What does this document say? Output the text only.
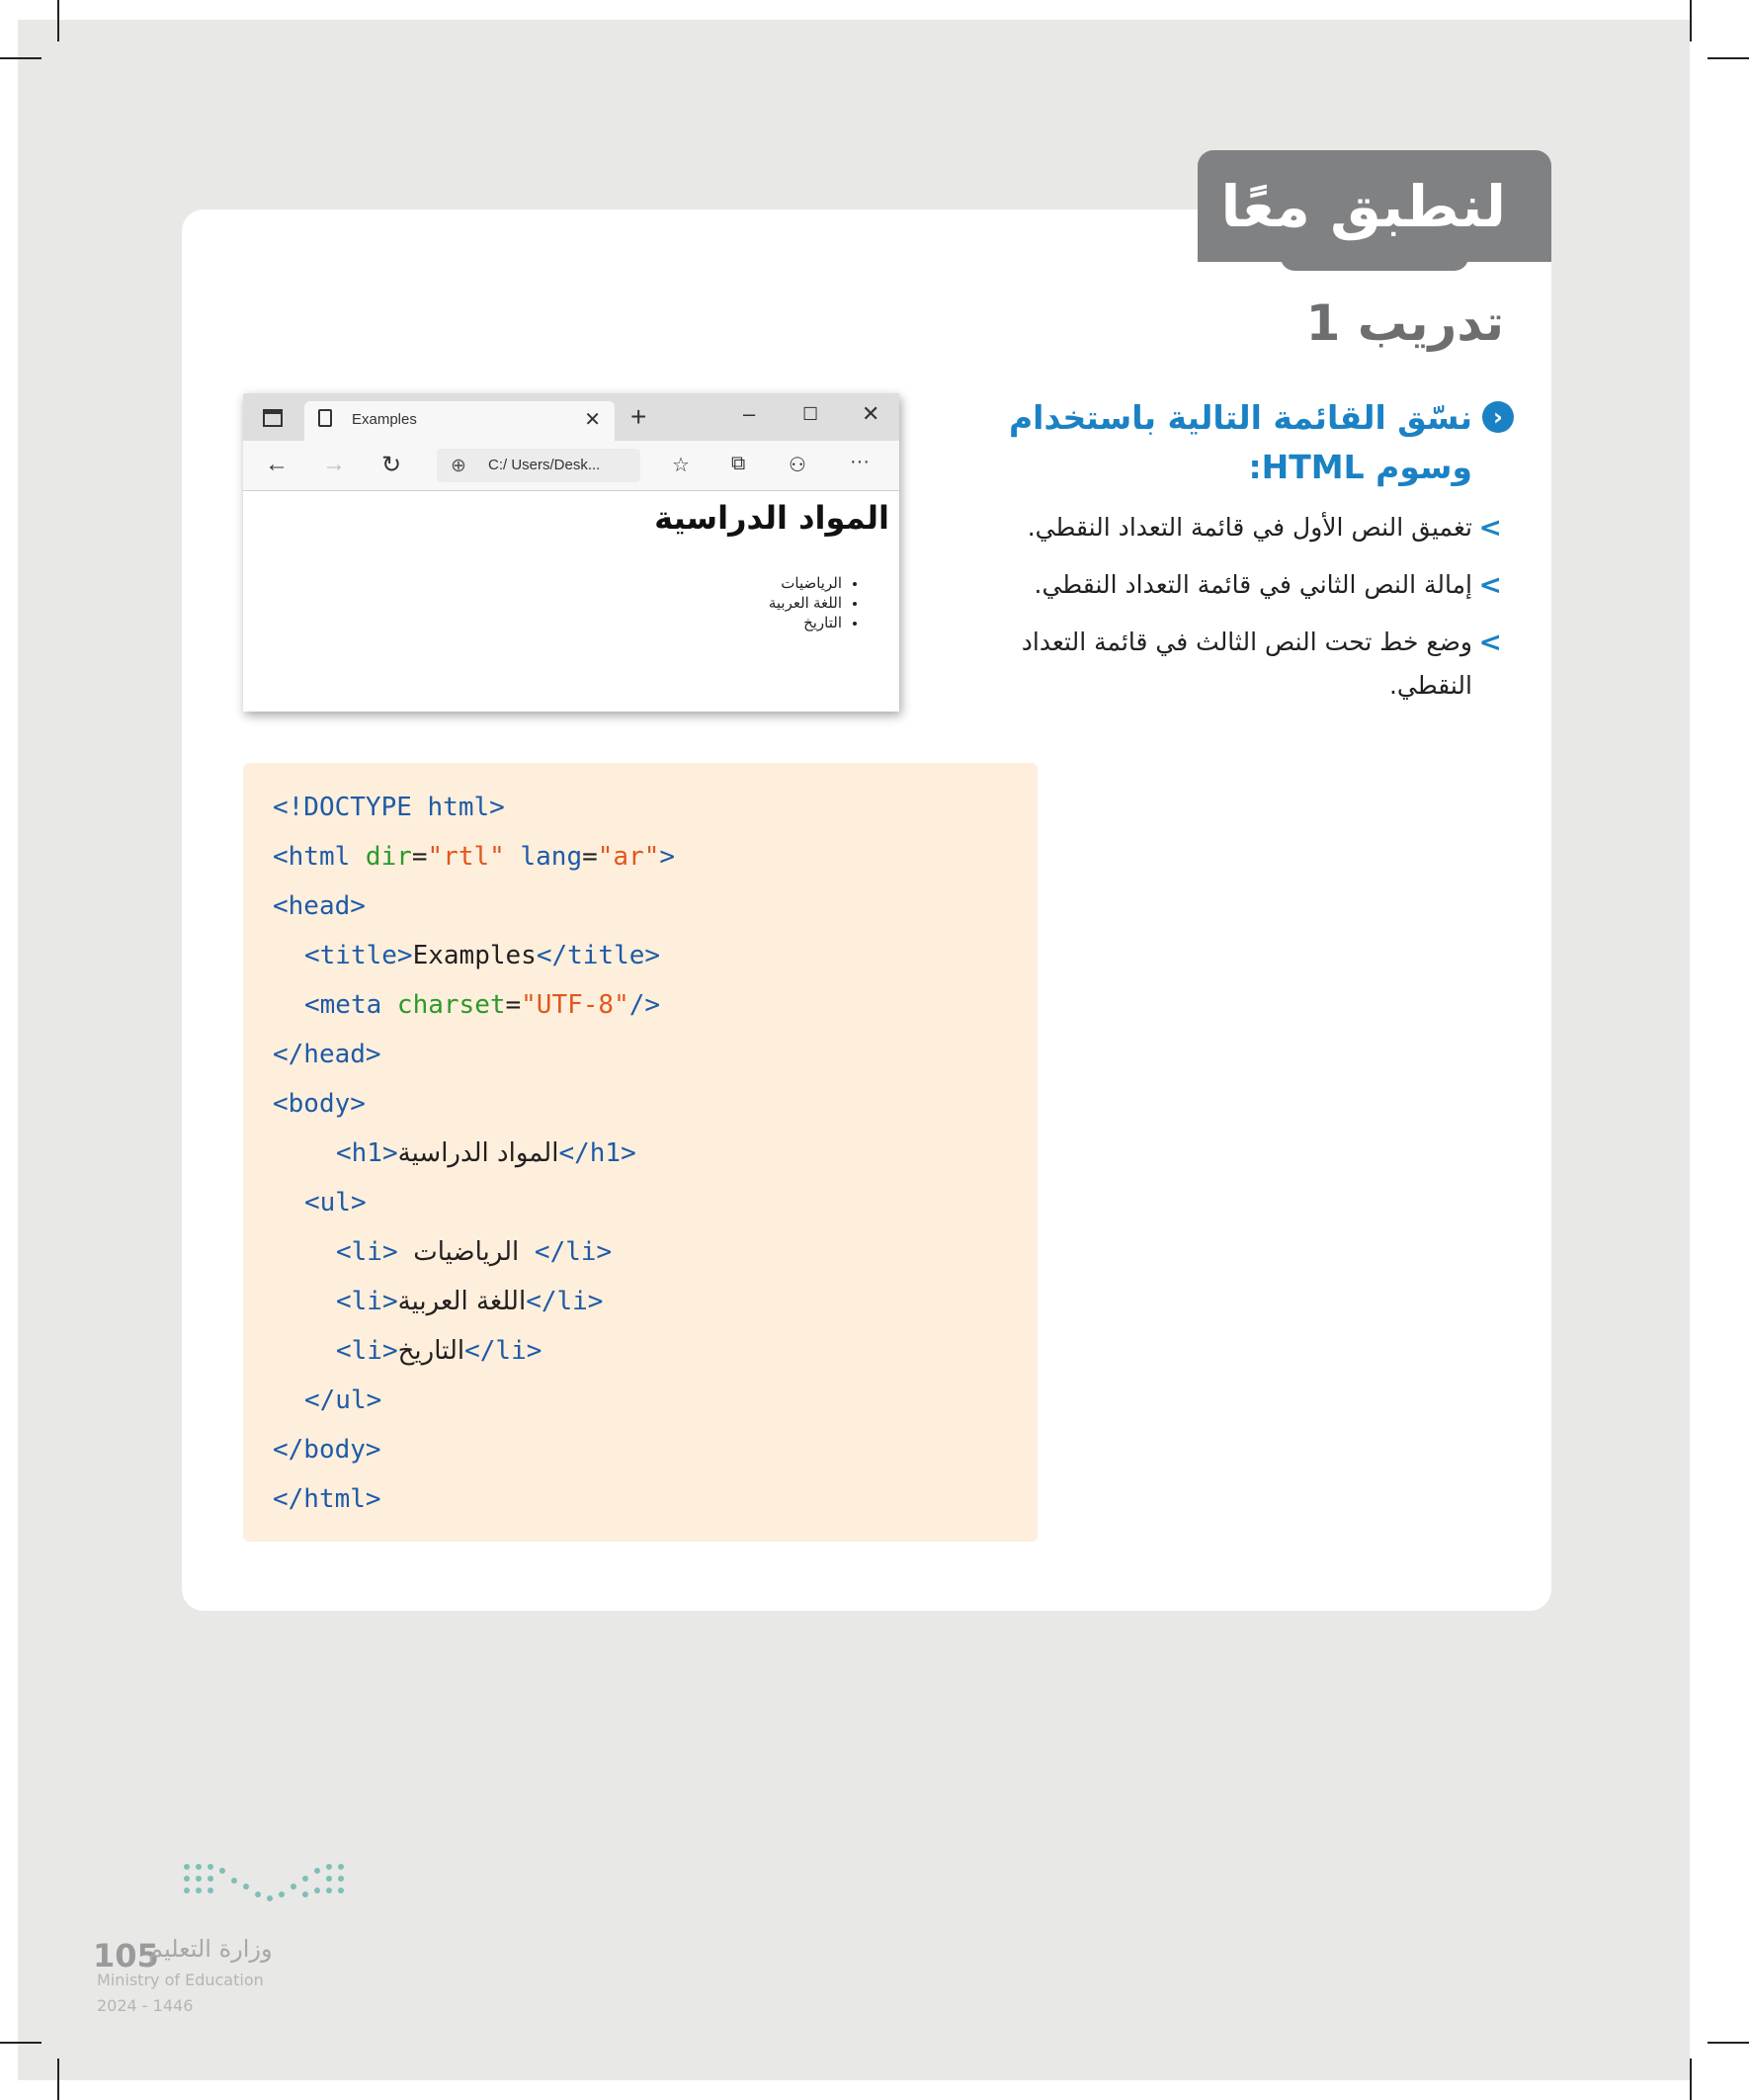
لنطبق معًا
تدريب 1
‹
نسّق القائمة التالية باستخدام وسوم HTML:
>
تغميق النص الأول في قائمة التعداد النقطي.
>
إمالة النص الثاني في قائمة التعداد النقطي.
>
وضع خط تحت النص الثالث في قائمة التعداد النقطي.
Examples	✕ +	–	☐ ✕
← → ↻	⊕ C:/ Users/Desk...	☆ ⧉ ⚇ ···
المواد الدراسية
• الرياضيات
• اللغة العربية
• التاريخ
<!DOCTYPE html>
<html dir="rtl" lang="ar">
<head>
<title>Examples</title>
<meta charset="UTF-8"/>
</head>
<body>
<h1>المواد الدراسية</h1>
<ul>
<li> الرياضيات </li>
<li>اللغة العربية</li>
<li>التاريخ</li>
</ul>
</body>
</html>
105
وزارة التعليم
Ministry of Education
2024 - 1446
